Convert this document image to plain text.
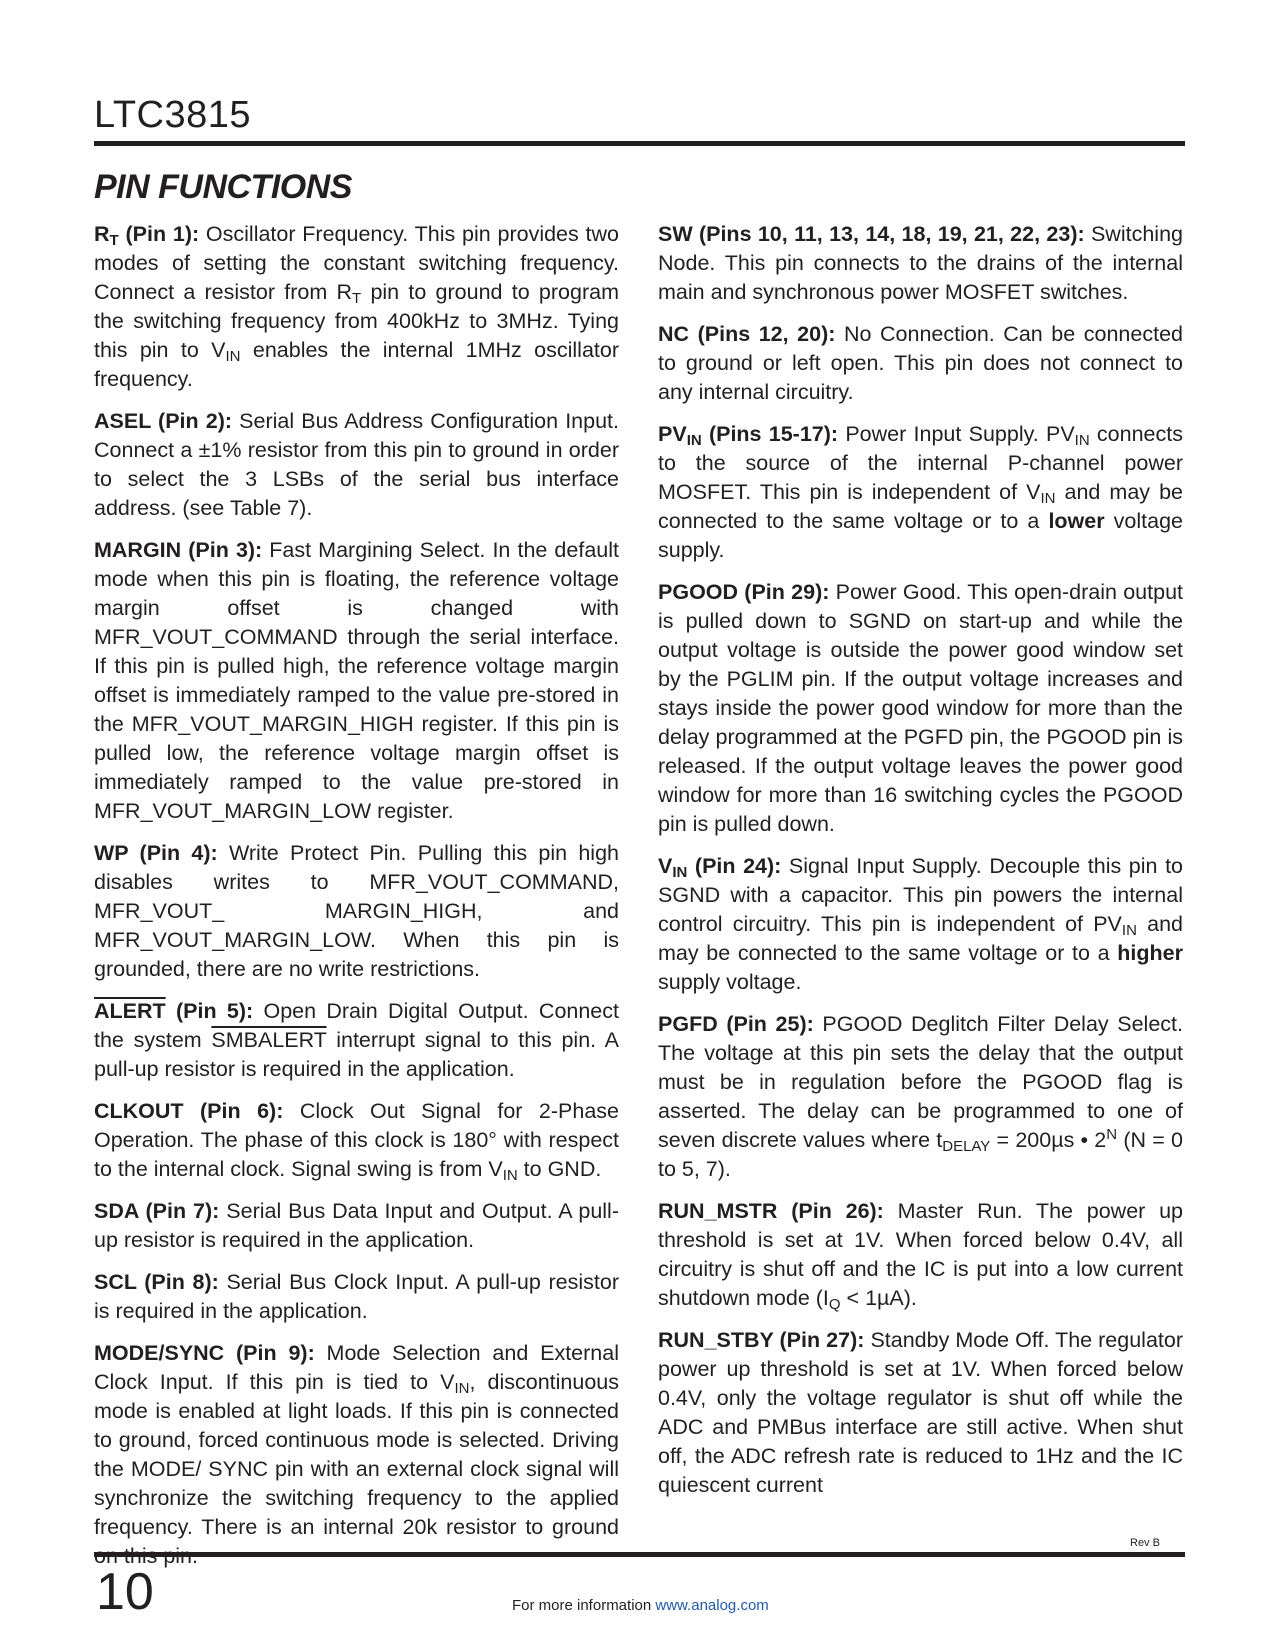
LTC3815
PIN FUNCTIONS

$R_T$ (Pin 1): Oscillator Frequency. This pin provides two modes of setting the constant switching frequency. Connect a resistor from $R_T$ pin to ground to program the switching frequency from 400kHz to 3MHz. Tying this pin to $V_{IN}$ enables the internal 1MHz oscillator frequency.

ASEL (Pin 2): Serial Bus Address Configuration Input. Connect a ±1% resistor from this pin to ground in order to select the 3 LSBs of the serial bus interface address. (see Table 7).

MARGIN (Pin 3): Fast Margining Select. In the default mode when this pin is floating, the reference voltage margin offset is changed with MFR_VOUT_COMMAND through the serial interface. If this pin is pulled high, the reference voltage margin offset is immediately ramped to the value pre-stored in the MFR_VOUT_MARGIN_HIGH register. If this pin is pulled low, the reference voltage margin offset is immediately ramped to the value pre-stored in MFR_VOUT_MARGIN_LOW register.

WP (Pin 4): Write Protect Pin. Pulling this pin high disables writes to MFR_VOUT_COMMAND, MFR_VOUT_ MARGIN_HIGH, and MFR_VOUT_MARGIN_LOW. When this pin is grounded, there are no write restrictions.

ALERT (Pin 5): Open Drain Digital Output. Connect the system SMBALERT interrupt signal to this pin. A pull-up resistor is required in the application.

CLKOUT (Pin 6): Clock Out Signal for 2-Phase Operation. The phase of this clock is 180° with respect to the internal clock. Signal swing is from $V_{IN}$ to GND.

SDA (Pin 7): Serial Bus Data Input and Output. A pull-up resistor is required in the application.

SCL (Pin 8): Serial Bus Clock Input. A pull-up resistor is required in the application.

MODE/SYNC (Pin 9): Mode Selection and External Clock Input. If this pin is tied to $V_{IN}$, discontinuous mode is enabled at light loads. If this pin is connected to ground, forced continuous mode is selected. Driving the MODE/ SYNC pin with an external clock signal will synchronize the switching frequency to the applied frequency. There is an internal 20k resistor to ground

SW (Pins 10, 11, 13, 14, 18, 19, 21, 22, 23): Switching Node. This pin connects to the drains of the internal main and synchronous power MOSFET switches.

NC (Pins 12, 20): No Connection. Can be connected to ground or left open. This pin does not connect to any internal circuitry.

$PV_{IN}$ (Pins 15-17): Power Input Supply. $PV_{IN}$ connects to the source of the internal P-channel power MOSFET. This pin is independent of $V_{IN}$ and may be connected to the same voltage or to a lower voltage supply.

PGOOD (Pin 29): Power Good. This open-drain output is pulled down to SGND on start-up and while the output voltage is outside the power good window set by the PGLIM pin. If the output voltage increases and stays inside the power good window for more than the delay programmed at the PGFD pin, the PGOOD pin is released. If the output voltage leaves the power good window for more than 16 switching cycles the PGOOD pin is pulled down.

$V_{IN}$ (Pin 24): Signal Input Supply. Decouple this pin to SGND with a capacitor. This pin powers the internal control circuitry. This pin is independent of $PV_{IN}$ and may be connected to the same voltage or to a higher supply voltage.

PGFD (Pin 25): PGOOD Deglitch Filter Delay Select. The voltage at this pin sets the delay that the output must be in regulation before the PGOOD flag is asserted. The delay can be programmed to one of seven discrete values where $t_{DELAY} = 200\mu s$ • $2^N$ (N = 0 to 5, 7).

RUN_MSTR (Pin 26): Master Run. The power up threshold is set at 1V. When forced below 0.4V, all circuitry is shut off and the IC is put into a low current shutdown mode $(I_Q < 1\mu A)$.

RUN_STBY (Pin 27): Standby Mode Off. The regulator power up threshold is set at 1V. When forced below 0.4V, only the voltage regulator is shut off while the ADC and PMBus interface are still active. When shut off, the ADC refresh rate is reduced to 1Hz and the IC quiescent current

Rev B
10	For more information www.analog.com
